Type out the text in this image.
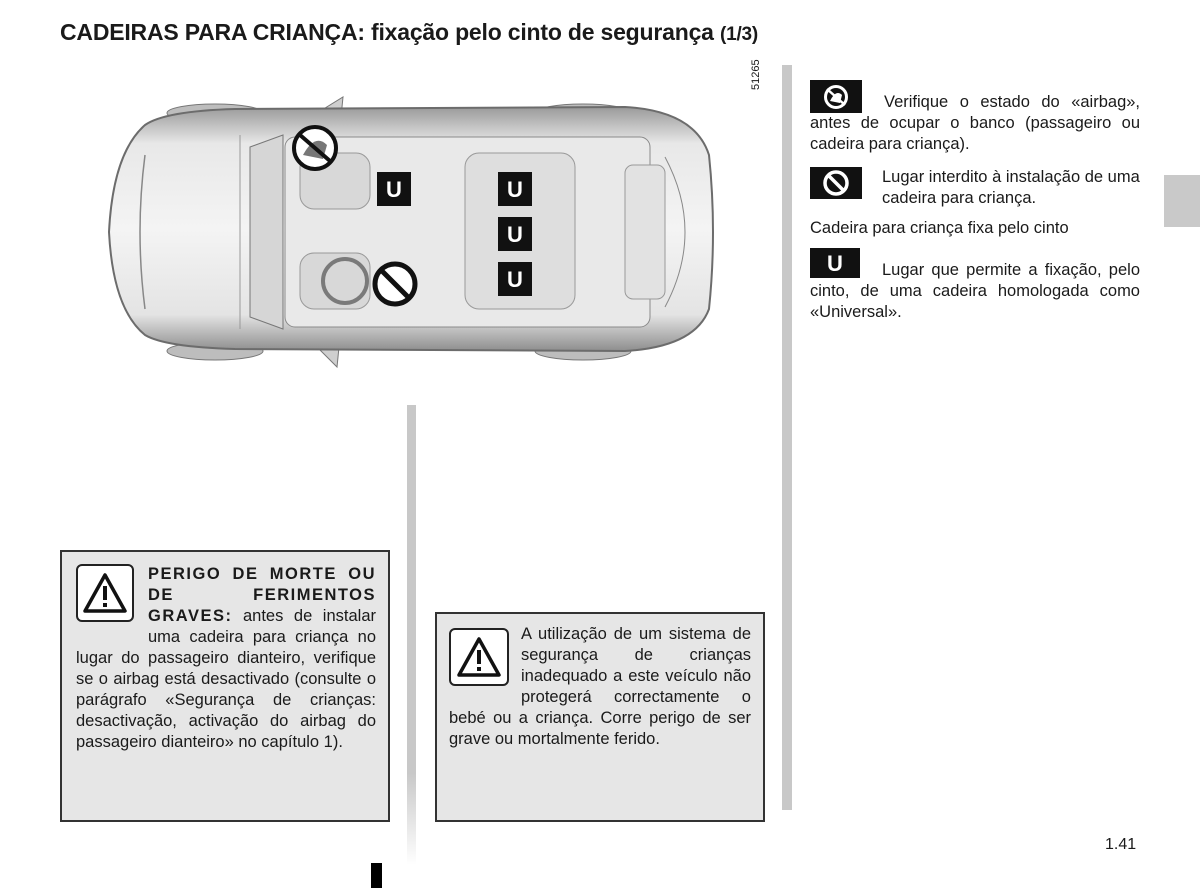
CADEIRAS PARA CRIANÇA: fixação pelo cinto de segurança (1/3)
U	U
U
U
51265

Verifique o estado do «airbag», antes de ocupar o banco (passageiro ou cadeira para criança).

Lugar interdito à instalação de uma cadeira para criança.

Cadeira para criança fixa pelo cinto
U	Lugar que permite a fixação, pelo cinto, de uma cadeira homologada como «Universal».

PERIGO DE MORTE OU DE FERIMENTOS GRAVES: antes de instalar uma cadeira para criança no lugar do passageiro dianteiro, verifique se o airbag está desactivado (consulte o parágrafo «Segurança de crianças: desactivação, activação do airbag do passageiro dianteiro» no capítulo 1).

A utilização de um sistema de segurança de crianças inadequado a este veículo não protegerá correctamente o bebé ou a criança. Corre perigo de ser grave ou mortalmente ferido.

1.41
